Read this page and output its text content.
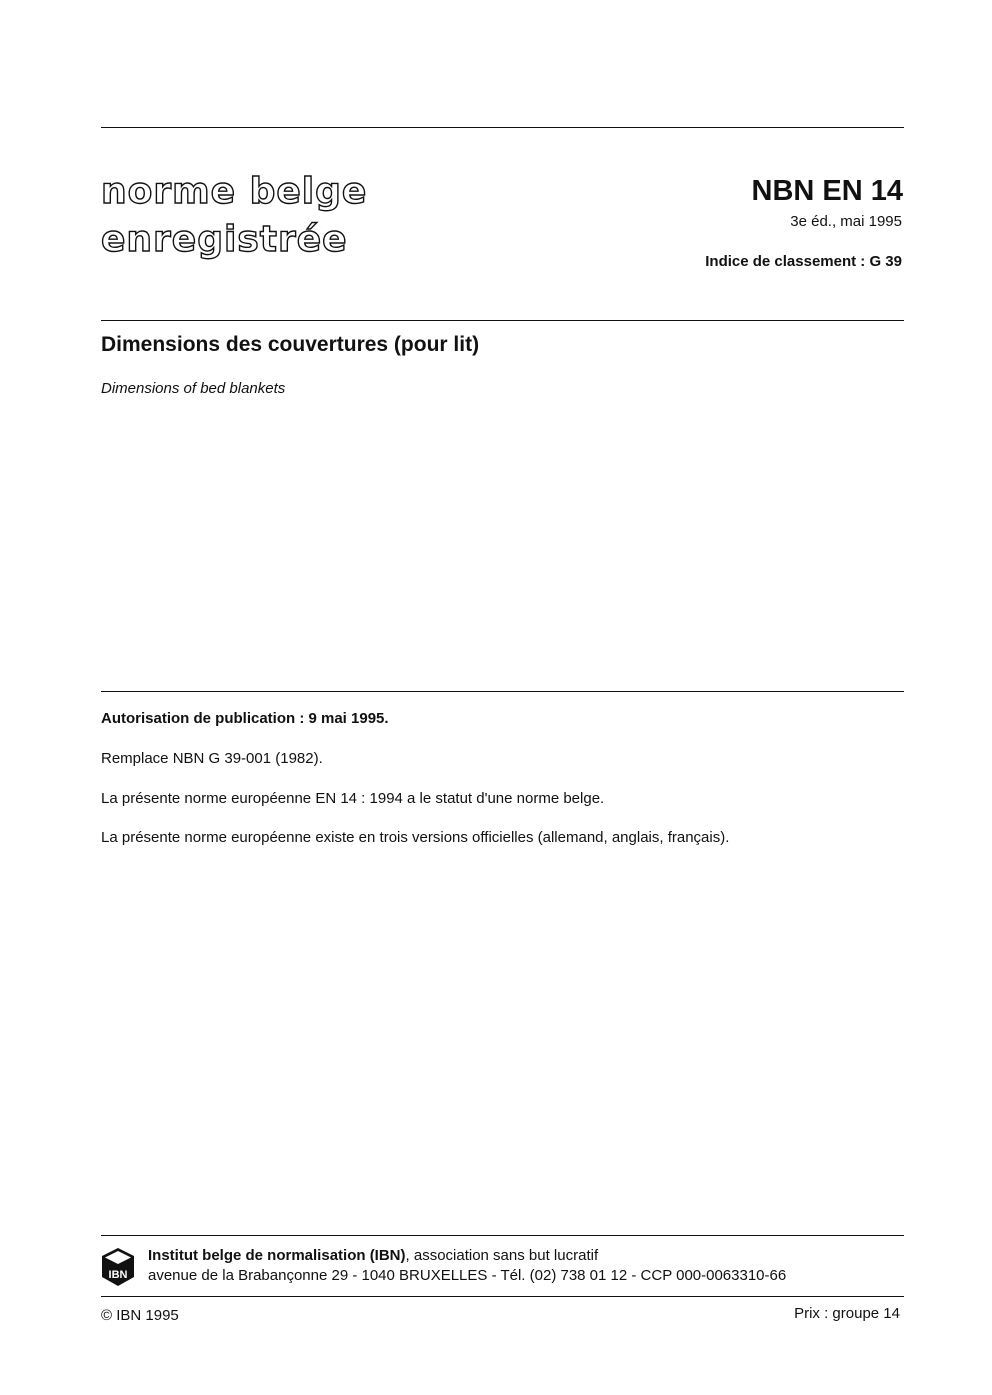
norme belge
enregistrée
NBN EN 14
3e éd., mai 1995
Indice de classement : G 39
Dimensions des couvertures (pour lit)
Dimensions of bed blankets
Autorisation de publication : 9 mai 1995.
Remplace NBN G 39-001 (1982).
La présente norme européenne EN 14 : 1994 a le statut d'une norme belge.
La présente norme européenne existe en trois versions officielles (allemand, anglais, français).
IBN
Institut belge de normalisation (IBN), association sans but lucratif
avenue de la Brabançonne 29 - 1040 BRUXELLES - Tél. (02) 738 01 12 - CCP 000-0063310-66
© IBN 1995	Prix : groupe 14
